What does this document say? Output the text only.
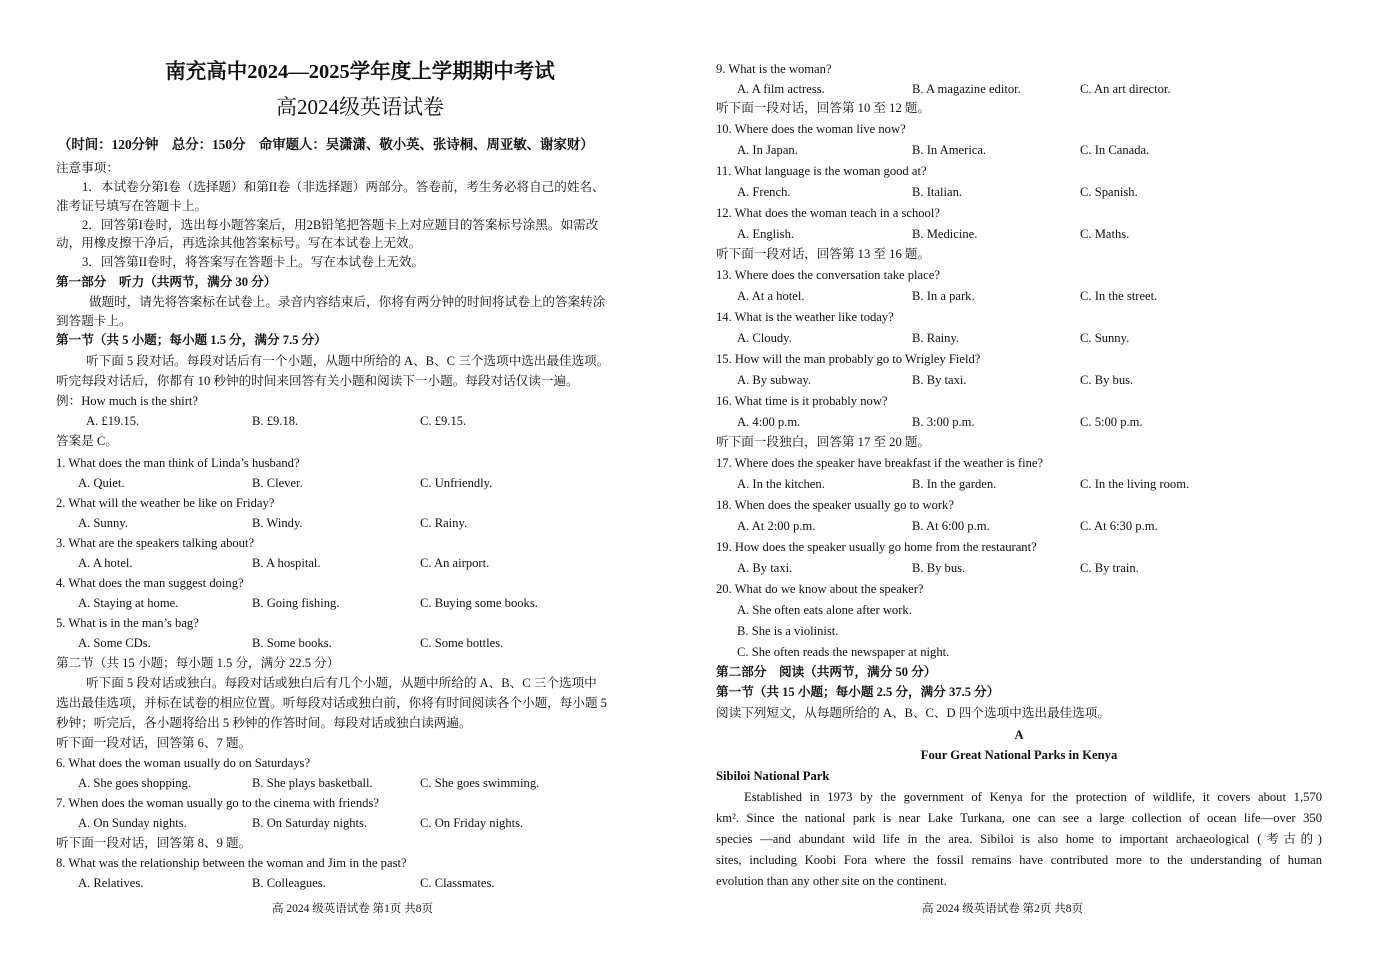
南充高中2024—2025学年度上学期期中考试
高2024级英语试卷
（时间：120分钟　总分：150分　命审题人：吴潇潇、敬小英、张诗桐、周亚敏、谢家财）
注意事项：
1．本试卷分第I卷（选择题）和第II卷（非选择题）两部分。答卷前，考生务必将自己的姓名、
准考证号填写在答题卡上。
2．回答第I卷时，选出每小题答案后，用2B铅笔把答题卡上对应题目的答案标号涂黑。如需改
动，用橡皮擦干净后，再选涂其他答案标号。写在本试卷上无效。
3．回答第II卷时，将答案写在答题卡上。写在本试卷上无效。
第一部分　听力（共两节，满分 30 分）
做题时，请先将答案标在试卷上。录音内容结束后，你将有两分钟的时间将试卷上的答案转涂
到答题卡上。
第一节（共 5 小题；每小题 1.5 分，满分 7.5 分）
听下面 5 段对话。每段对话后有一个小题，从题中所给的 A、B、C 三个选项中选出最佳选项。
听完每段对话后，你都有 10 秒钟的时间来回答有关小题和阅读下一小题。每段对话仅读一遍。
例：How much is the shirt?
A. £19.15.	B. £9.18.	C. £9.15.
答案是 C。
1. What does the man think of Linda’s husband?
A. Quiet.	B. Clever.	C. Unfriendly.
2. What will the weather be like on Friday?
A. Sunny.	B. Windy.	C. Rainy.
3. What are the speakers talking about?
A. A hotel.	B. A hospital.	C. An airport.
4. What does the man suggest doing?
A. Staying at home.	B. Going fishing.	C. Buying some books.
5. What is in the man’s bag?
A. Some CDs.	B. Some books.	C. Some bottles.
第二节（共 15 小题；每小题 1.5 分，满分 22.5 分）
听下面 5 段对话或独白。每段对话或独白后有几个小题，从题中所给的 A、B、C 三个选项中
选出最佳选项，并标在试卷的相应位置。听每段对话或独白前，你将有时间阅读各个小题，每小题 5
秒钟；听完后，各小题将给出 5 秒钟的作答时间。每段对话或独白读两遍。
听下面一段对话，回答第 6、7 题。
6. What does the woman usually do on Saturdays?
A. She goes shopping.	B. She plays basketball.	C. She goes swimming.
7. When does the woman usually go to the cinema with friends?
A. On Sunday nights.	B. On Saturday nights.	C. On Friday nights.
听下面一段对话，回答第 8、9 题。
8. What was the relationship between the woman and Jim in the past?
A. Relatives.	B. Colleagues.	C. Classmates.
高 2024 级英语试卷 第1页 共8页
9. What is the woman?
A. A film actress.	B. A magazine editor.	C. An art director.
听下面一段对话，回答第 10 至 12 题。
10. Where does the woman live now?
A. In Japan.	B. In America.	C. In Canada.
11. What language is the woman good at?
A. French.	B. Italian.	C. Spanish.
12. What does the woman teach in a school?
A. English.	B. Medicine.	C. Maths.
听下面一段对话，回答第 13 至 16 题。
13. Where does the conversation take place?
A. At a hotel.	B. In a park.	C. In the street.
14. What is the weather like today?
A. Cloudy.	B. Rainy.	C. Sunny.
15. How will the man probably go to Wrigley Field?
A. By subway.	B. By taxi.	C. By bus.
16. What time is it probably now?
A. 4:00 p.m.	B. 3:00 p.m.	C. 5:00 p.m.
听下面一段独白，回答第 17 至 20 题。
17. Where does the speaker have breakfast if the weather is fine?
A. In the kitchen.	B. In the garden.	C. In the living room.
18. When does the speaker usually go to work?
A. At 2:00 p.m.	B. At 6:00 p.m.	C. At 6:30 p.m.
19. How does the speaker usually go home from the restaurant?
A. By taxi.	B. By bus.	C. By train.
20. What do we know about the speaker?
A. She often eats alone after work.
B. She is a violinist.
C. She often reads the newspaper at night.
第二部分　阅读（共两节，满分 50 分）
第一节（共 15 小题；每小题 2.5 分，满分 37.5 分）
阅读下列短文，从每题所给的 A、B、C、D 四个选项中选出最佳选项。
A
Four Great National Parks in Kenya
Sibiloi National Park
Established in 1973 by the government of Kenya for the protection of wildlife, it covers about 1,570
km². Since the national park is near Lake Turkana, one can see a large collection of ocean life—over 350
species —and abundant wild life in the area. Sibiloi is also home to important archaeological (考古的)
sites, including Koobi Fora where the fossil remains have contributed more to the understanding of human
evolution than any other site on the continent.
高 2024 级英语试卷 第2页 共8页
